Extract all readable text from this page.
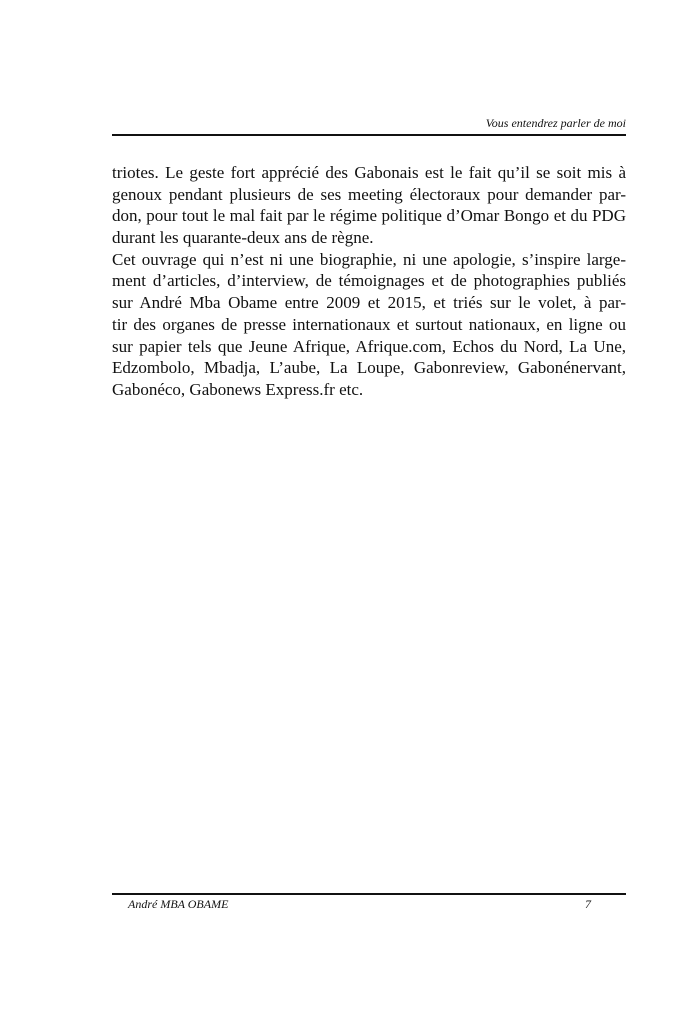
Vous entendrez parler de moi
triotes. Le geste fort apprécié des Gabonais est le fait qu’il se soit mis à
genoux pendant plusieurs de ses meeting électoraux pour demander par-
don, pour tout le mal fait par le régime politique d’Omar Bongo et du PDG
durant les quarante-deux ans de règne.
Cet ouvrage qui n’est ni une biographie, ni une apologie, s’inspire large-
ment d’articles, d’interview, de témoignages et de photographies publiés
sur André Mba Obame entre 2009 et 2015, et triés sur le volet, à par-
tir des organes de presse internationaux et surtout nationaux, en ligne ou
sur papier tels que Jeune Afrique, Afrique.com, Echos du Nord, La Une,
Edzombolo, Mbadja, L’aube, La Loupe, Gabonreview, Gabonénervant,
Gabonéco, Gabonews Express.fr etc.
André MBA OBAME	7
